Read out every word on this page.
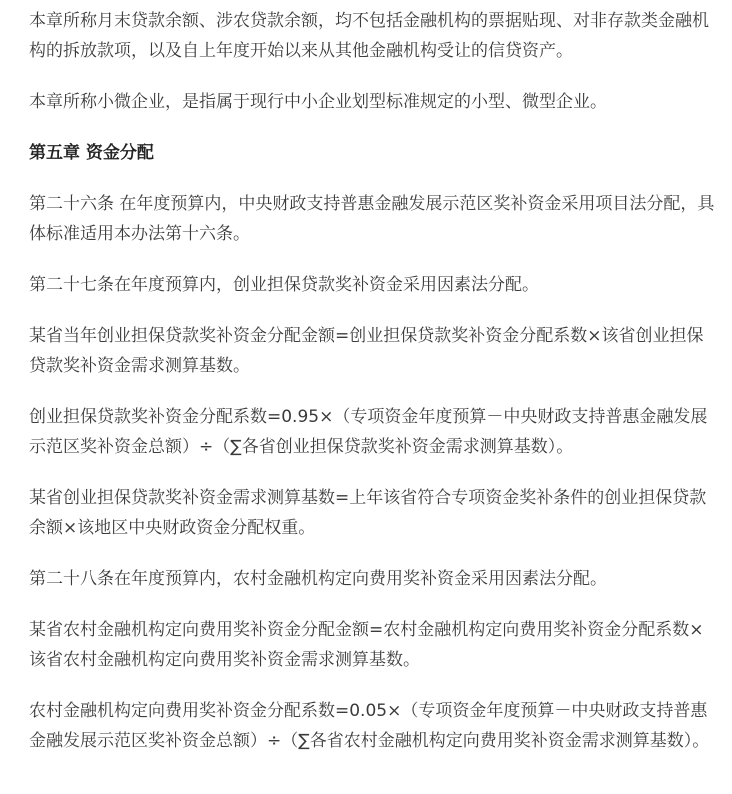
本章所称月末贷款余额、涉农贷款余额，均不包括金融机构的票据贴现、对非存款类金融机构的拆放款项，以及自上年度开始以来从其他金融机构受让的信贷资产。

本章所称小微企业，是指属于现行中小企业划型标准规定的小型、微型企业。

第五章 资金分配

第二十六条 在年度预算内，中央财政支持普惠金融发展示范区奖补资金采用项目法分配，具体标准适用本办法第十六条。

第二十七条在年度预算内，创业担保贷款奖补资金采用因素法分配。

某省当年创业担保贷款奖补资金分配金额=创业担保贷款奖补资金分配系数×该省创业担保贷款奖补资金需求测算基数。

创业担保贷款奖补资金分配系数=0.95×（专项资金年度预算－中央财政支持普惠金融发展示范区奖补资金总额）÷（∑各省创业担保贷款奖补资金需求测算基数）。

某省创业担保贷款奖补资金需求测算基数=上年该省符合专项资金奖补条件的创业担保贷款余额×该地区中央财政资金分配权重。

第二十八条在年度预算内，农村金融机构定向费用奖补资金采用因素法分配。

某省农村金融机构定向费用奖补资金分配金额=农村金融机构定向费用奖补资金分配系数×该省农村金融机构定向费用奖补资金需求测算基数。

农村金融机构定向费用奖补资金分配系数=0.05×（专项资金年度预算－中央财政支持普惠金融发展示范区奖补资金总额）÷（∑各省农村金融机构定向费用奖补资金需求测算基数）。
